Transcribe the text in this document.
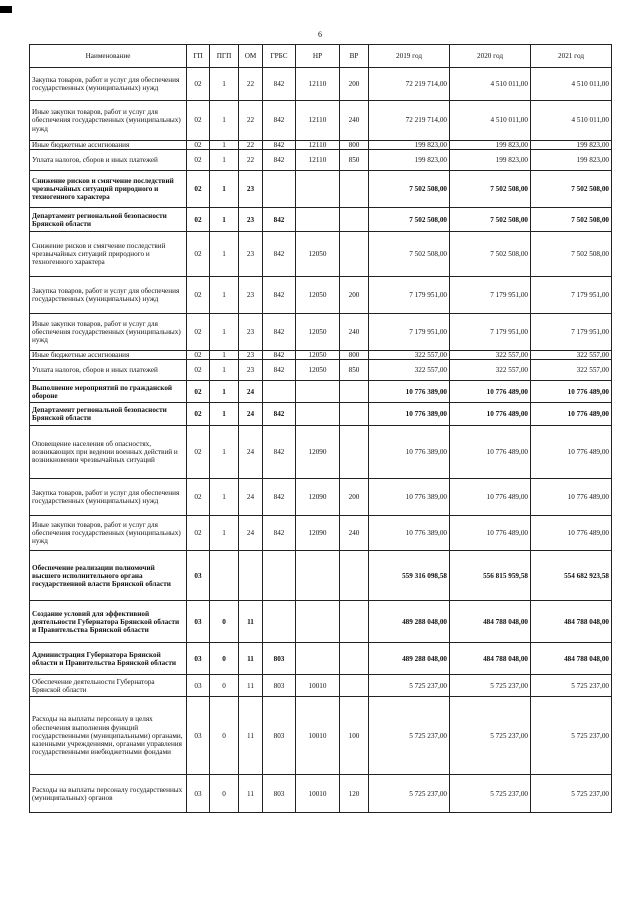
6
Наименование	ГП	ПГП	ОМ	ГРБС	НР	ВР	2019 год	2020 год	2021 год
Закупка товаров, работ и услуг для обеспечения государственных (муниципальных) нужд	02	1	22	842	12110	200	72 219 714,00	4 510 011,00	4 510 011,00
Иные закупки товаров, работ и услуг для обеспечения государственных (муниципальных) нужд	02	1	22	842	12110	240	72 219 714,00	4 510 011,00	4 510 011,00
Иные бюджетные ассигнования	02	1	22	842	12110	800	199 823,00	199 823,00	199 823,00
Уплата налогов, сборов и иных платежей	02	1	22	842	12110	850	199 823,00	199 823,00	199 823,00
Снижение рисков и смягчение последствий чрезвычайных ситуаций природного и техногенного характера	02	1	23				7 502 508,00	7 502 508,00	7 502 508,00
Департамент региональной безопасности Брянской области	02	1	23	842			7 502 508,00	7 502 508,00	7 502 508,00
Снижение рисков и смягчение последствий чрезвычайных ситуаций природного и техногенного характера	02	1	23	842	12050		7 502 508,00	7 502 508,00	7 502 508,00
Закупка товаров, работ и услуг для обеспечения государственных (муниципальных) нужд	02	1	23	842	12050	200	7 179 951,00	7 179 951,00	7 179 951,00
Иные закупки товаров, работ и услуг для обеспечения государственных (муниципальных) нужд	02	1	23	842	12050	240	7 179 951,00	7 179 951,00	7 179 951,00
Иные бюджетные ассигнования	02	1	23	842	12050	800	322 557,00	322 557,00	322 557,00
Уплата налогов, сборов и иных платежей	02	1	23	842	12050	850	322 557,00	322 557,00	322 557,00
Выполнение мероприятий по гражданской обороне	02	1	24				10 776 389,00	10 776 489,00	10 776 489,00
Департамент региональной безопасности Брянской области	02	1	24	842			10 776 389,00	10 776 489,00	10 776 489,00
Оповещение населения об опасностях, возникающих при ведении военных действий и возникновении чрезвычайных ситуаций	02	1	24	842	12090		10 776 389,00	10 776 489,00	10 776 489,00
Закупка товаров, работ и услуг для обеспечения государственных (муниципальных) нужд	02	1	24	842	12090	200	10 776 389,00	10 776 489,00	10 776 489,00
Иные закупки товаров, работ и услуг для обеспечения государственных (муниципальных) нужд	02	1	24	842	12090	240	10 776 389,00	10 776 489,00	10 776 489,00
Обеспечение реализации полномочий высшего исполнительного органа государственной власти Брянской области	03						559 316 098,58	556 815 959,58	554 682 923,58
Создание условий для эффективной деятельности Губернатора Брянской области и Правительства Брянской области	03	0	11				489 288 048,00	484 788 048,00	484 788 048,00
Администрация Губернатора Брянской области и Правительства Брянской области	03	0	11	803			489 288 048,00	484 788 048,00	484 788 048,00
Обеспечение деятельности Губернатора Брянской области	03	0	11	803	10010		5 725 237,00	5 725 237,00	5 725 237,00
Расходы на выплаты персоналу в целях обеспечения выполнения функций государственными (муниципальными) органами, казенными учреждениями, органами управления государственными внебюджетными фондами	03	0	11	803	10010	100	5 725 237,00	5 725 237,00	5 725 237,00
Расходы на выплаты персоналу государственных (муниципальных) органов	03	0	11	803	10010	120	5 725 237,00	5 725 237,00	5 725 237,00
